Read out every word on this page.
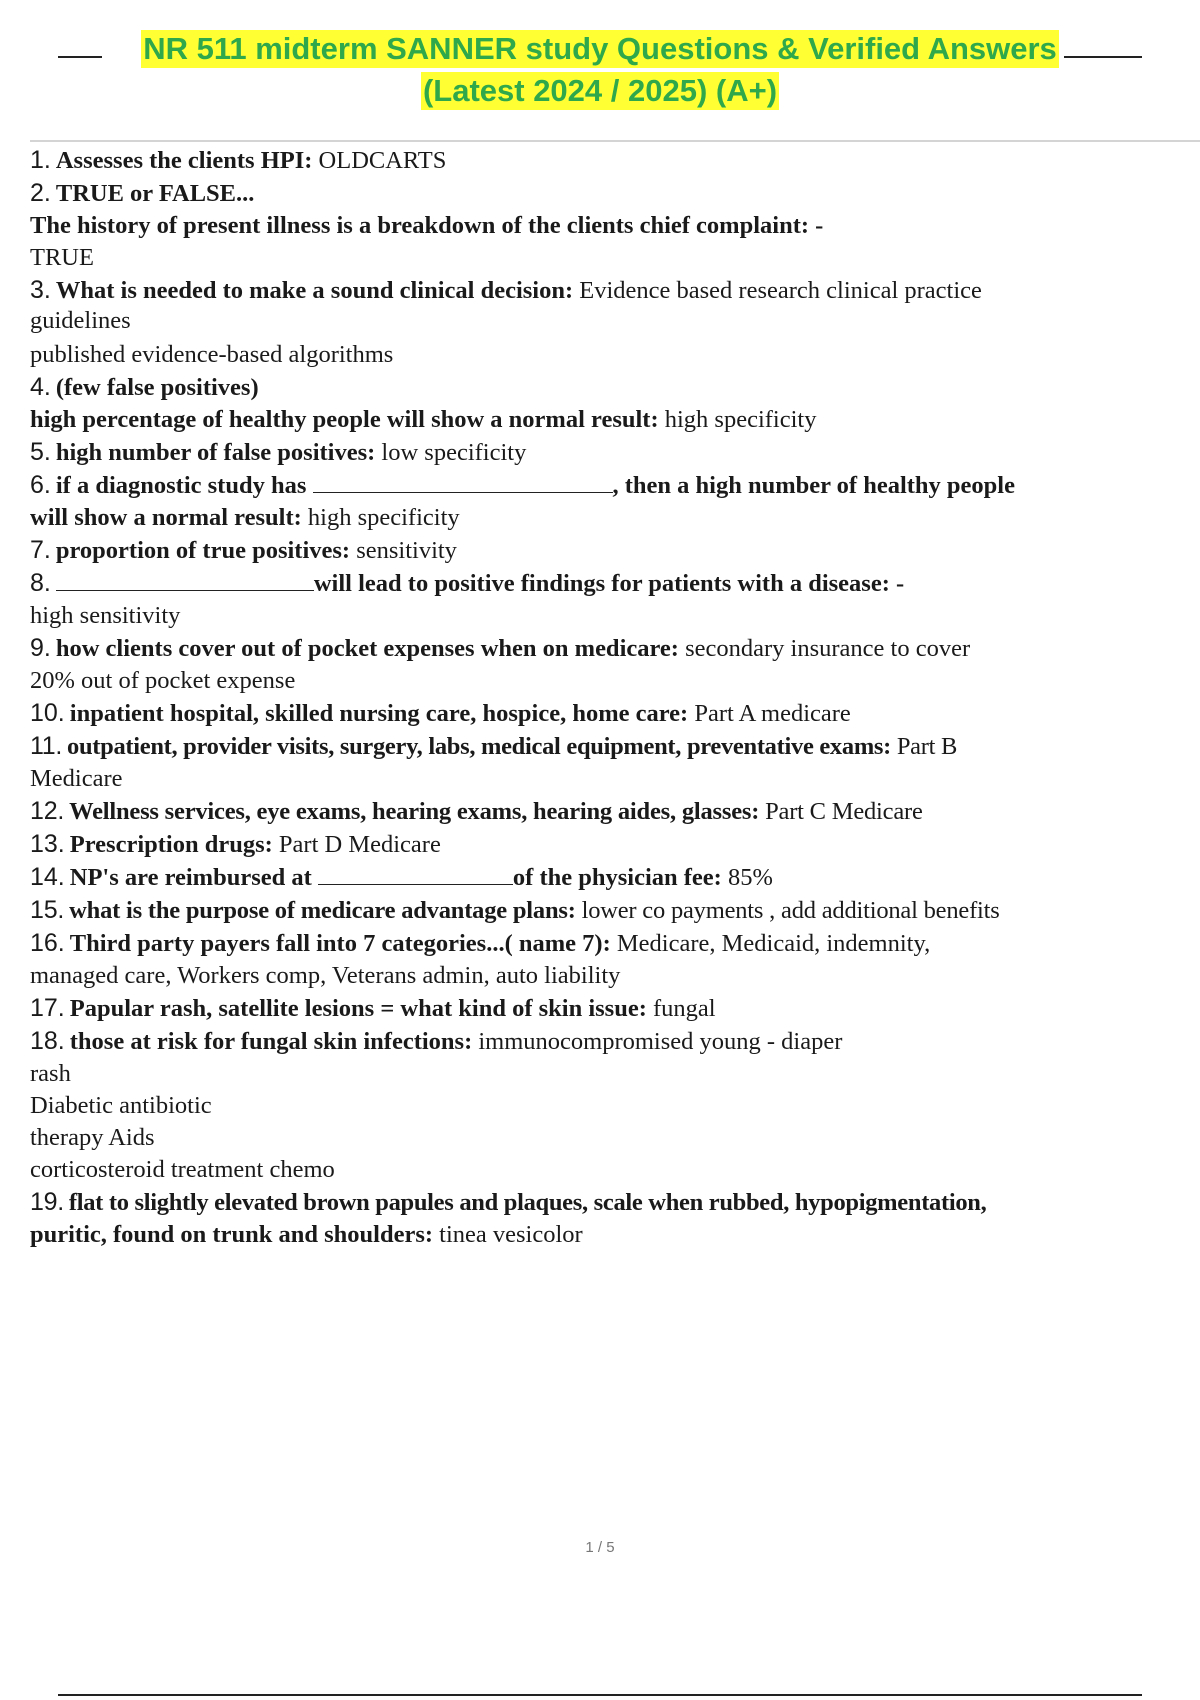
NR 511 midterm SANNER study Questions & Verified Answers
(Latest 2024 / 2025) (A+)
1. Assesses the clients HPI: OLDCARTS
2. TRUE or FALSE...
The history of present illness is a breakdown of the clients chief complaint: -
TRUE
3. What is needed to make a sound clinical decision: Evidence based research clinical practice
guidelines
published evidence-based algorithms
4. (few false positives)
high percentage of healthy people will show a normal result: high specificity
5. high number of false positives: low specificity
6. if a diagnostic study has	, then a high number of healthy people
will show a normal result: high specificity
7. proportion of true positives: sensitivity
8.	will lead to positive findings for patients with a disease: -
high sensitivity
9. how clients cover out of pocket expenses when on medicare: secondary insurance to cover
20% out of pocket expense
10. inpatient hospital, skilled nursing care, hospice, home care: Part A medicare
11. outpatient, provider visits, surgery, labs, medical equipment, preventative exams: Part B
Medicare
12. Wellness services, eye exams, hearing exams, hearing aides, glasses: Part C Medicare
13. Prescription drugs: Part D Medicare
14. NP's are reimbursed at	of the physician fee: 85%
15. what is the purpose of medicare advantage plans: lower co payments , add additional benefits
16. Third party payers fall into 7 categories...( name 7): Medicare, Medicaid, indemnity,
managed care, Workers comp, Veterans admin, auto liability
17. Papular rash, satellite lesions = what kind of skin issue: fungal
18. those at risk for fungal skin infections: immunocompromised young - diaper
rash
Diabetic antibiotic
therapy Aids
corticosteroid treatment chemo
19. flat to slightly elevated brown papules and plaques, scale when rubbed, hypopigmentation,
puritic, found on trunk and shoulders: tinea vesicolor
1 / 5
